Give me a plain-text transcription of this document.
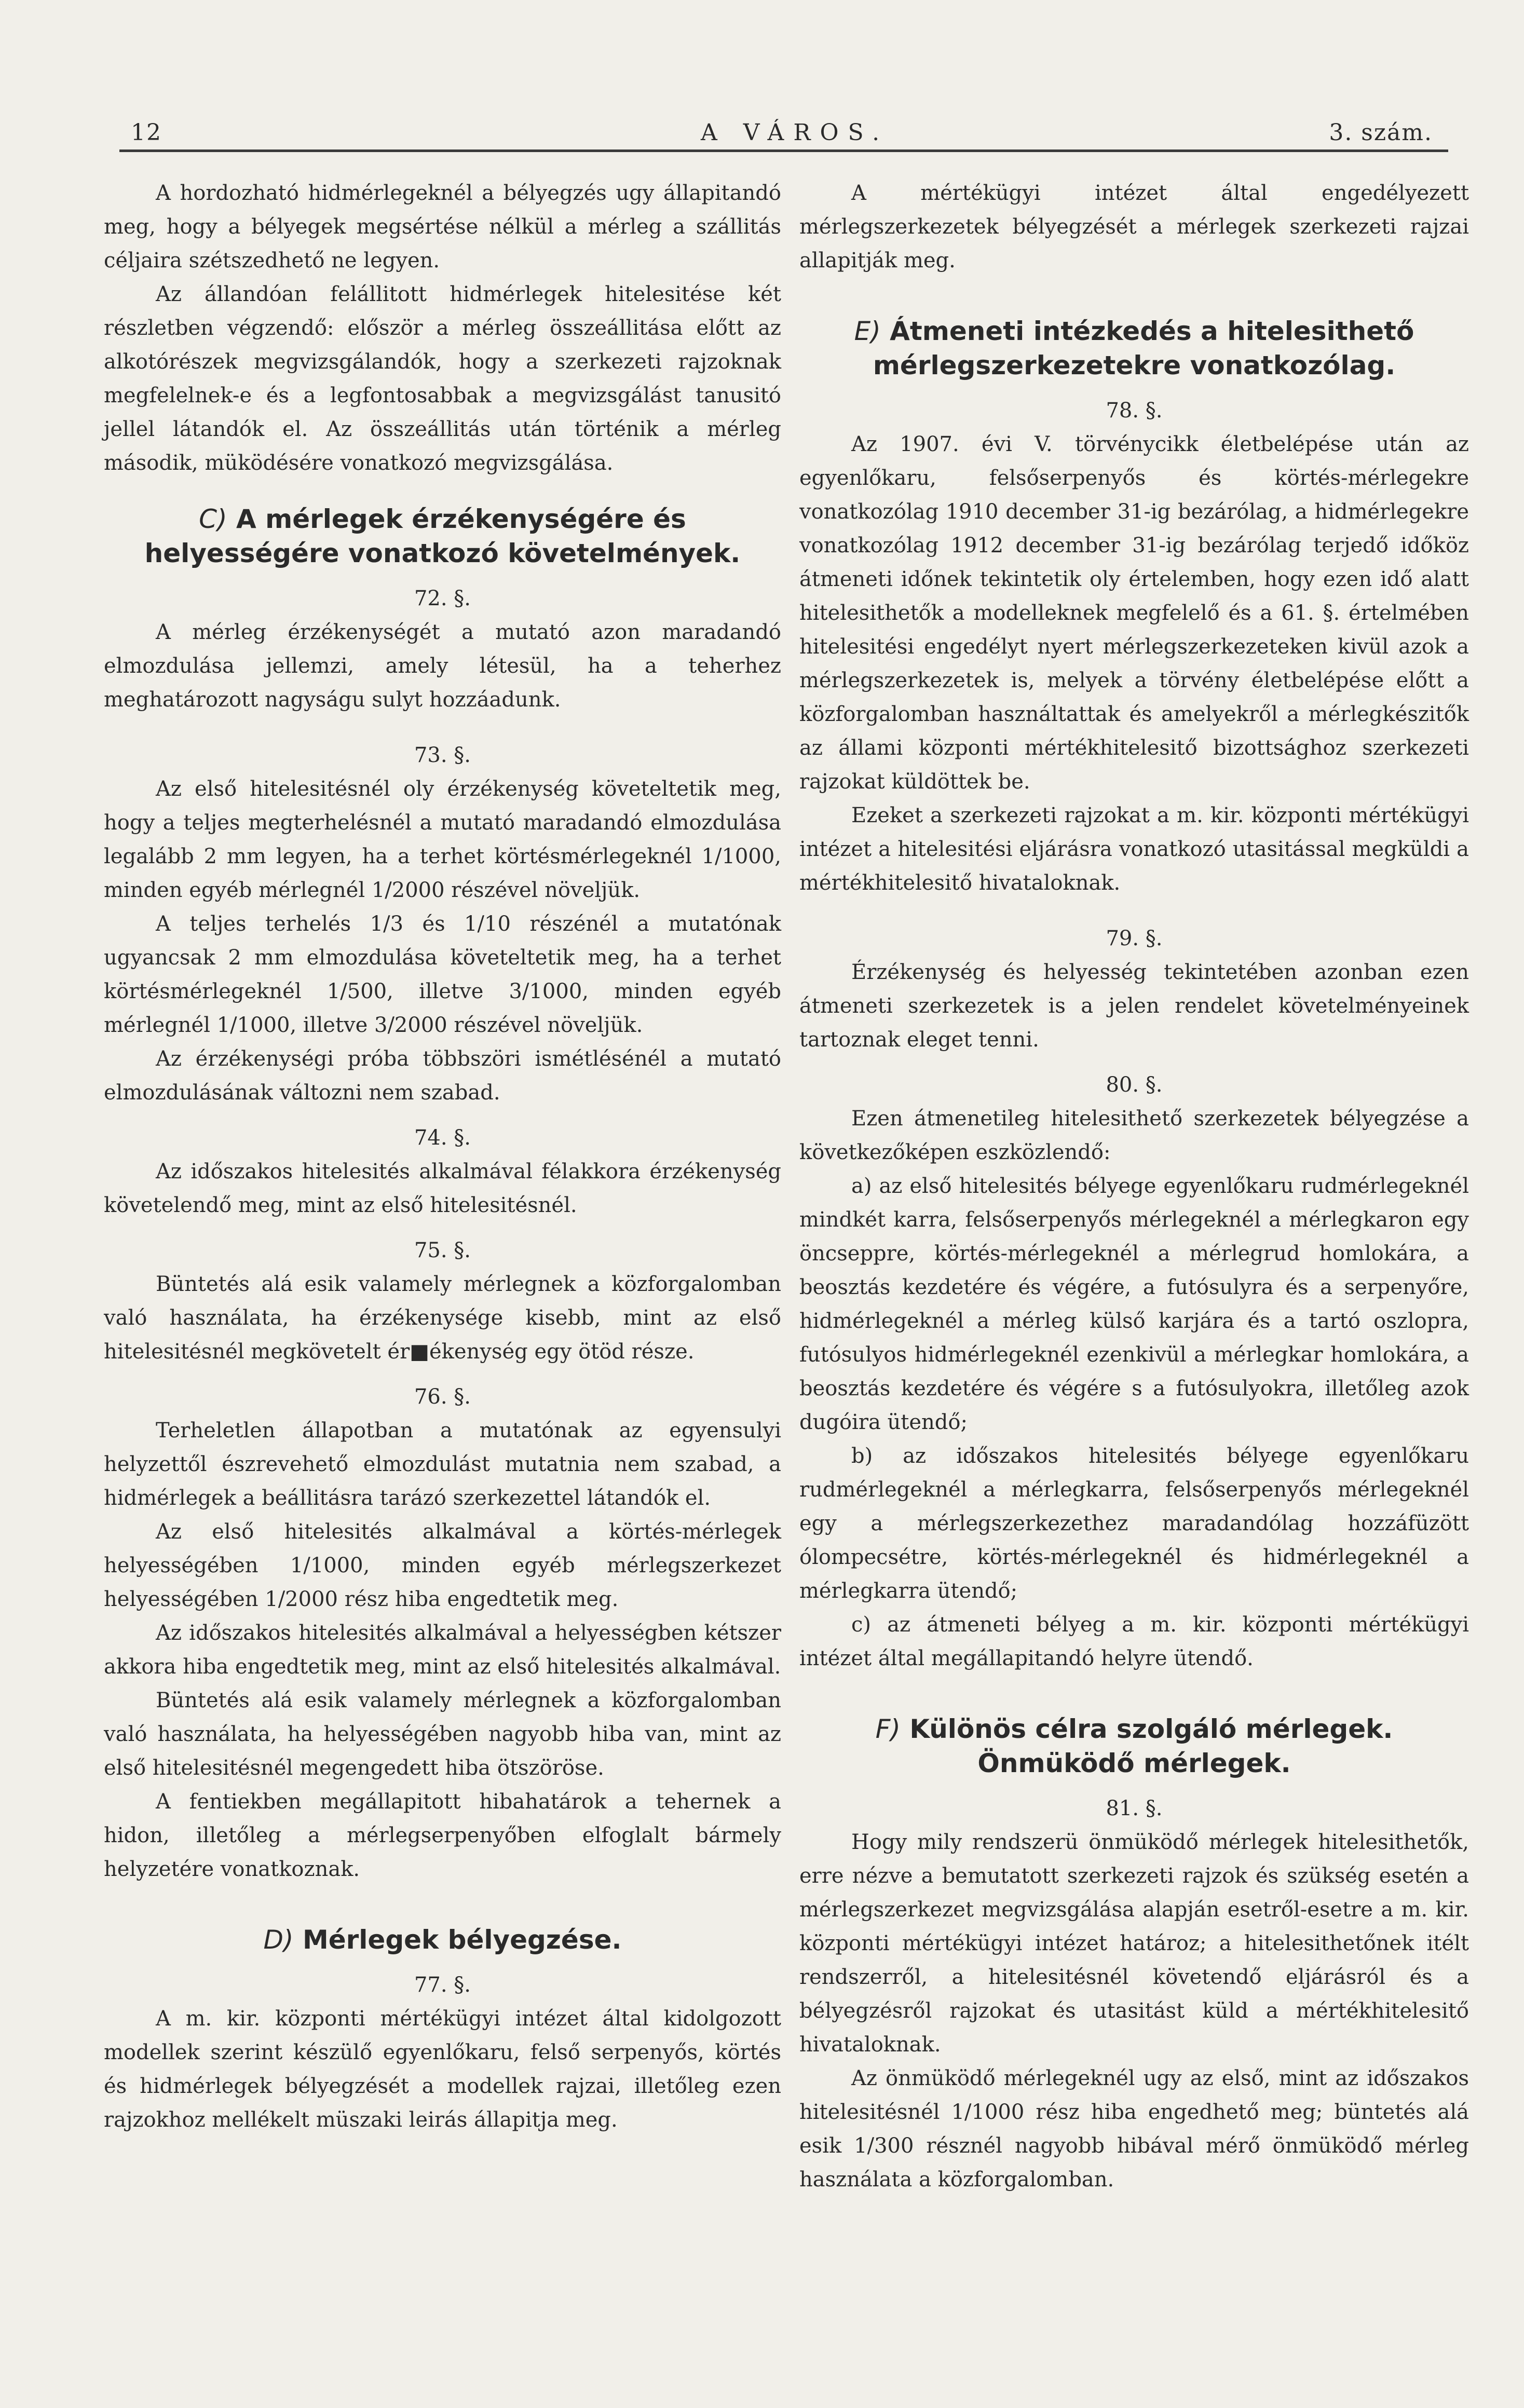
12	A VÁROS.	3. szám.

A hordozható hidmérlegeknél a bélyegzés ugy állapitandó meg, hogy a bélyegek megsértése nélkül a mérleg a szállitás céljaira szétszedhető ne legyen.

Az állandóan felállitott hidmérlegek hitelesitése két részletben végzendő: először a mérleg összeállitása előtt az alkotórészek megvizsgálandók, hogy a szerkezeti rajzoknak megfelelnek-e és a legfontosabbak a megvizsgálást tanusitó jellel látandók el. Az összeállitás után történik a mérleg második, müködésére vonatkozó megvizsgálása.

C) A mérlegek érzékenységére és helyességére vonatkozó követelmények.
72. §.

A mérleg érzékenységét a mutató azon maradandó elmozdulása jellemzi, amely létesül, ha a teherhez meghatározott nagyságu sulyt hozzáadunk.

73. §.

Az első hitelesitésnél oly érzékenység követeltetik meg, hogy a teljes megterhelésnél a mutató maradandó elmozdulása legalább 2 mm legyen, ha a terhet körtésmérlegeknél 1/1000, minden egyéb mérlegnél 1/2000 részével növeljük.

A teljes terhelés 1/3 és 1/10 részénél a mutatónak ugyancsak 2 mm elmozdulása követeltetik meg, ha a terhet körtésmérlegeknél 1/500, illetve 3/1000, minden egyéb mérlegnél 1/1000, illetve 3/2000 részével növeljük.

Az érzékenységi próba többszöri ismétlésénél a mutató elmozdulásának változni nem szabad.

74. §.

Az időszakos hitelesités alkalmával félakkora érzékenység követelendő meg, mint az első hitelesitésnél.

75. §.

Büntetés alá esik valamely mérlegnek a közforgalomban való használata, ha érzékenysége kisebb, mint az első hitelesitésnél megkövetelt ér■ékenység egy ötöd része.

76. §.

Terheletlen állapotban a mutatónak az egyensulyi helyzettől észrevehető elmozdulást mutatnia nem szabad, a hidmérlegek a beállitásra tarázó szerkezettel látandók el.

Az első hitelesités alkalmával a körtés-mérlegek helyességében 1/1000, minden egyéb mérlegszerkezet helyességében 1/2000 rész hiba engedtetik meg.

Az időszakos hitelesités alkalmával a helyességben kétszer akkora hiba engedtetik meg, mint az első hitelesités alkalmával.

Büntetés alá esik valamely mérlegnek a közforgalomban való használata, ha helyességében nagyobb hiba van, mint az első hitelesitésnél megengedett hiba ötszöröse.

A fentiekben megállapitott hibahatárok a tehernek a hidon, illetőleg a mérlegserpenyőben elfoglalt bármely helyzetére vonatkoznak.

D) Mérlegek bélyegzése.
77. §.

A m. kir. központi mértékügyi intézet által kidolgozott modellek szerint készülő egyenlőkaru, felső serpenyős, körtés és hidmérlegek bélyegzését a modellek rajzai, illetőleg ezen rajzokhoz mellékelt müszaki leirás állapitja meg.

A mértékügyi intézet által engedélyezett mérlegszerkezetek bélyegzését a mérlegek szerkezeti rajzai allapitják meg.

E) Átmeneti intézkedés a hitelesithető mérlegszerkezetekre vonatkozólag.
78. §.

Az 1907. évi V. törvénycikk életbelépése után az egyenlőkaru, felsőserpenyős és körtés-mérlegekre vonatkozólag 1910 december 31-ig bezárólag, a hidmérlegekre vonatkozólag 1912 december 31-ig bezárólag terjedő időköz átmeneti időnek tekintetik oly értelemben, hogy ezen idő alatt hitelesithetők a modelleknek megfelelő és a 61. §. értelmében hitelesitési engedélyt nyert mérlegszerkezeteken kivül azok a mérlegszerkezetek is, melyek a törvény életbelépése előtt a közforgalomban használtattak és amelyekről a mérlegkészitők az állami központi mértékhitelesitő bizottsághoz szerkezeti rajzokat küldöttek be.

Ezeket a szerkezeti rajzokat a m. kir. központi mértékügyi intézet a hitelesitési eljárásra vonatkozó utasitással megküldi a mértékhitelesitő hivataloknak.

79. §.

Érzékenység és helyesség tekintetében azonban ezen átmeneti szerkezetek is a jelen rendelet követelményeinek tartoznak eleget tenni.

80. §.

Ezen átmenetileg hitelesithető szerkezetek bélyegzése a következőképen eszközlendő:

a) az első hitelesités bélyege egyenlőkaru rudmérlegeknél mindkét karra, felsőserpenyős mérlegeknél a mérlegkaron egy öncseppre, körtés-mérlegeknél a mérlegrud homlokára, a beosztás kezdetére és végére, a futósulyra és a serpenyőre, hidmérlegeknél a mérleg külső karjára és a tartó oszlopra, futósulyos hidmérlegeknél ezenkivül a mérlegkar homlokára, a beosztás kezdetére és végére s a futósulyokra, illetőleg azok dugóira ütendő;

b) az időszakos hitelesités bélyege egyenlőkaru rudmérlegeknél a mérlegkarra, felsőserpenyős mérlegeknél egy a mérlegszerkezethez maradandólag hozzáfüzött ólompecsétre, körtés-mérlegeknél és hidmérlegeknél a mérlegkarra ütendő;

c) az átmeneti bélyeg a m. kir. központi mértékügyi intézet által megállapitandó helyre ütendő.

F) Különös célra szolgáló mérlegek. Önmüködő mérlegek.
81. §.

Hogy mily rendszerü önmüködő mérlegek hitelesithetők, erre nézve a bemutatott szerkezeti rajzok és szükség esetén a mérlegszerkezet megvizsgálása alapján esetről-esetre a m. kir. központi mértékügyi intézet határoz; a hitelesithetőnek itélt rendszerről, a hitelesitésnél követendő eljárásról és a bélyegzésről rajzokat és utasitást küld a mértékhitelesitő hivataloknak.

Az önmüködő mérlegeknél ugy az első, mint az időszakos hitelesitésnél 1/1000 rész hiba engedhető meg; büntetés alá esik 1/300 résznél nagyobb hibával mérő önmüködő mérleg használata a közforgalomban.
